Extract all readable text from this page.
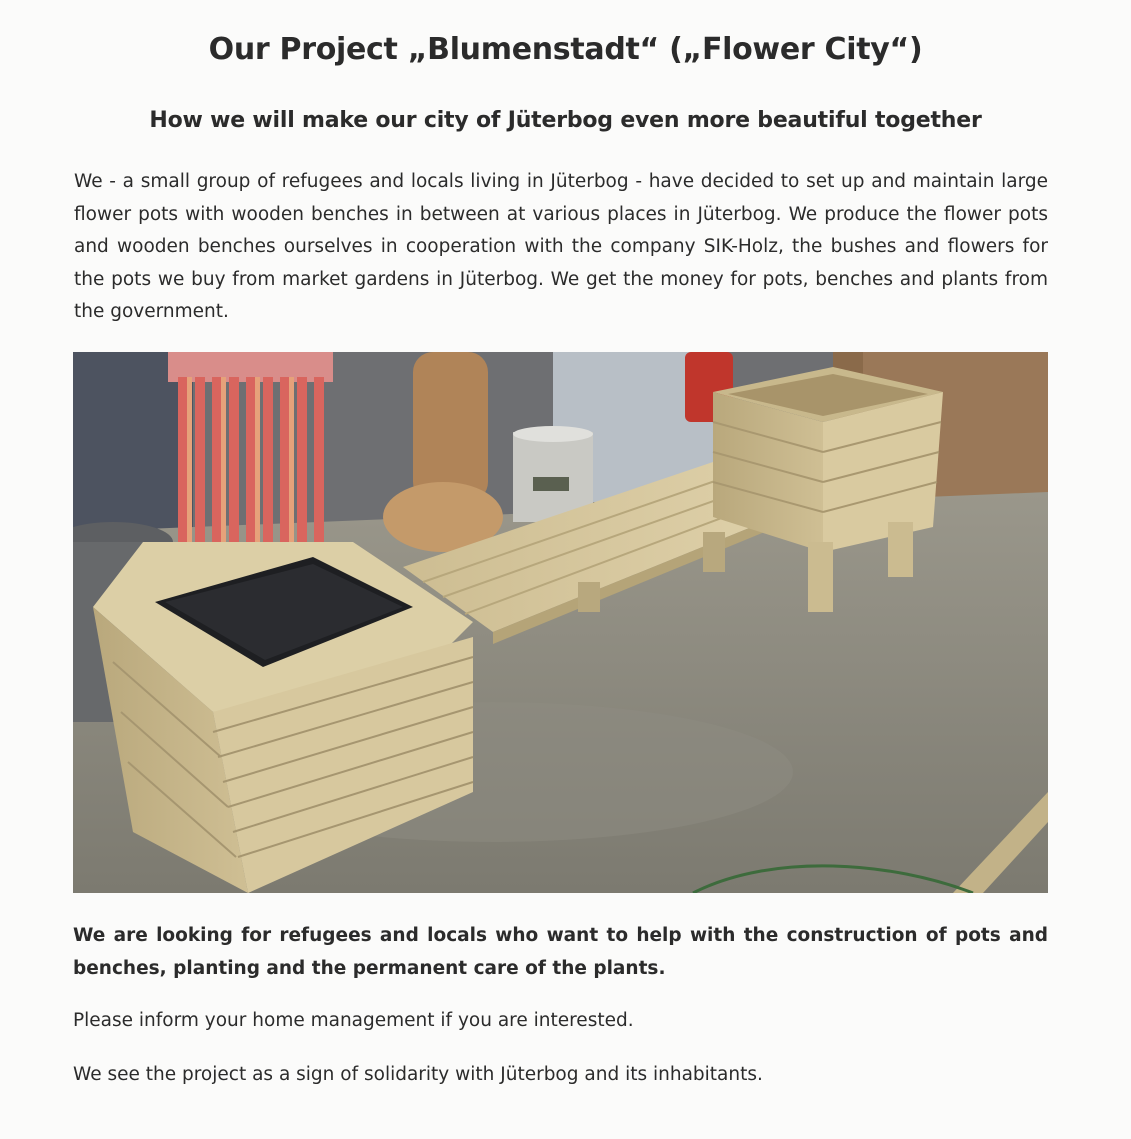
Our Project „Blumenstadt“ („Flower City“)
How we will make our city of Jüterbog even more beautiful together

We - a small group of refugees and locals living in Jüterbog - have decided to set up and maintain large flower pots with wooden benches in between at various places in Jüterbog. We produce the flower pots and wooden benches ourselves in cooperation with the company SIK-Holz, the bushes and flowers for the pots we buy from market gardens in Jüterbog. We get the money for pots, benches and plants from the government.

We are looking for refugees and locals who want to help with the construction of pots and benches, planting and the permanent care of the plants.

Please inform your home management if you are interested.

We see the project as a sign of solidarity with Jüterbog and its inhabitants.
